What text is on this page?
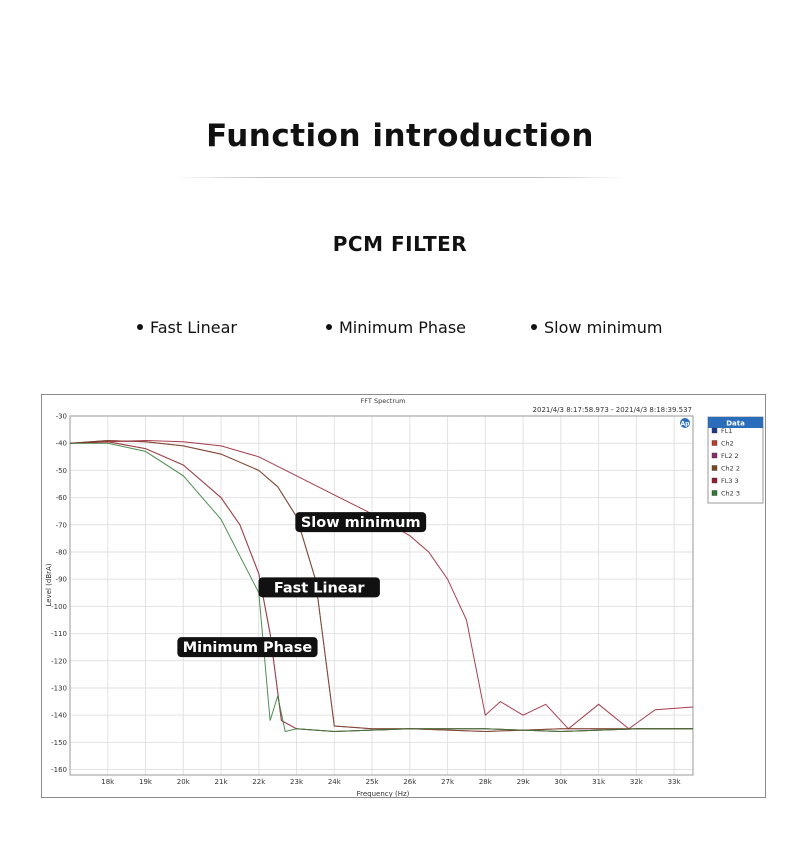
Function introduction
PCM FILTER
Fast Linear	Minimum Phase	Slow minimum
18k	19k	20k	21k	22k	23k	24k	25k	26k	27k	28k	29k	30k	31k	32k	33k
-30
-40
-50
-60
-70
-80
-90
-100
-110
-120
-130
-140
-150
-160
FFT Spectrum
2021/4/3 8:17:58.973 - 2021/4/3 8:18:39.537
Ap
Frequency (Hz)
Level (dBrA)
Slow minimum
Fast Linear
Minimum Phase
Data
FL1
Ch2
FL2 2
Ch2 2
FL3 3
Ch2 3
